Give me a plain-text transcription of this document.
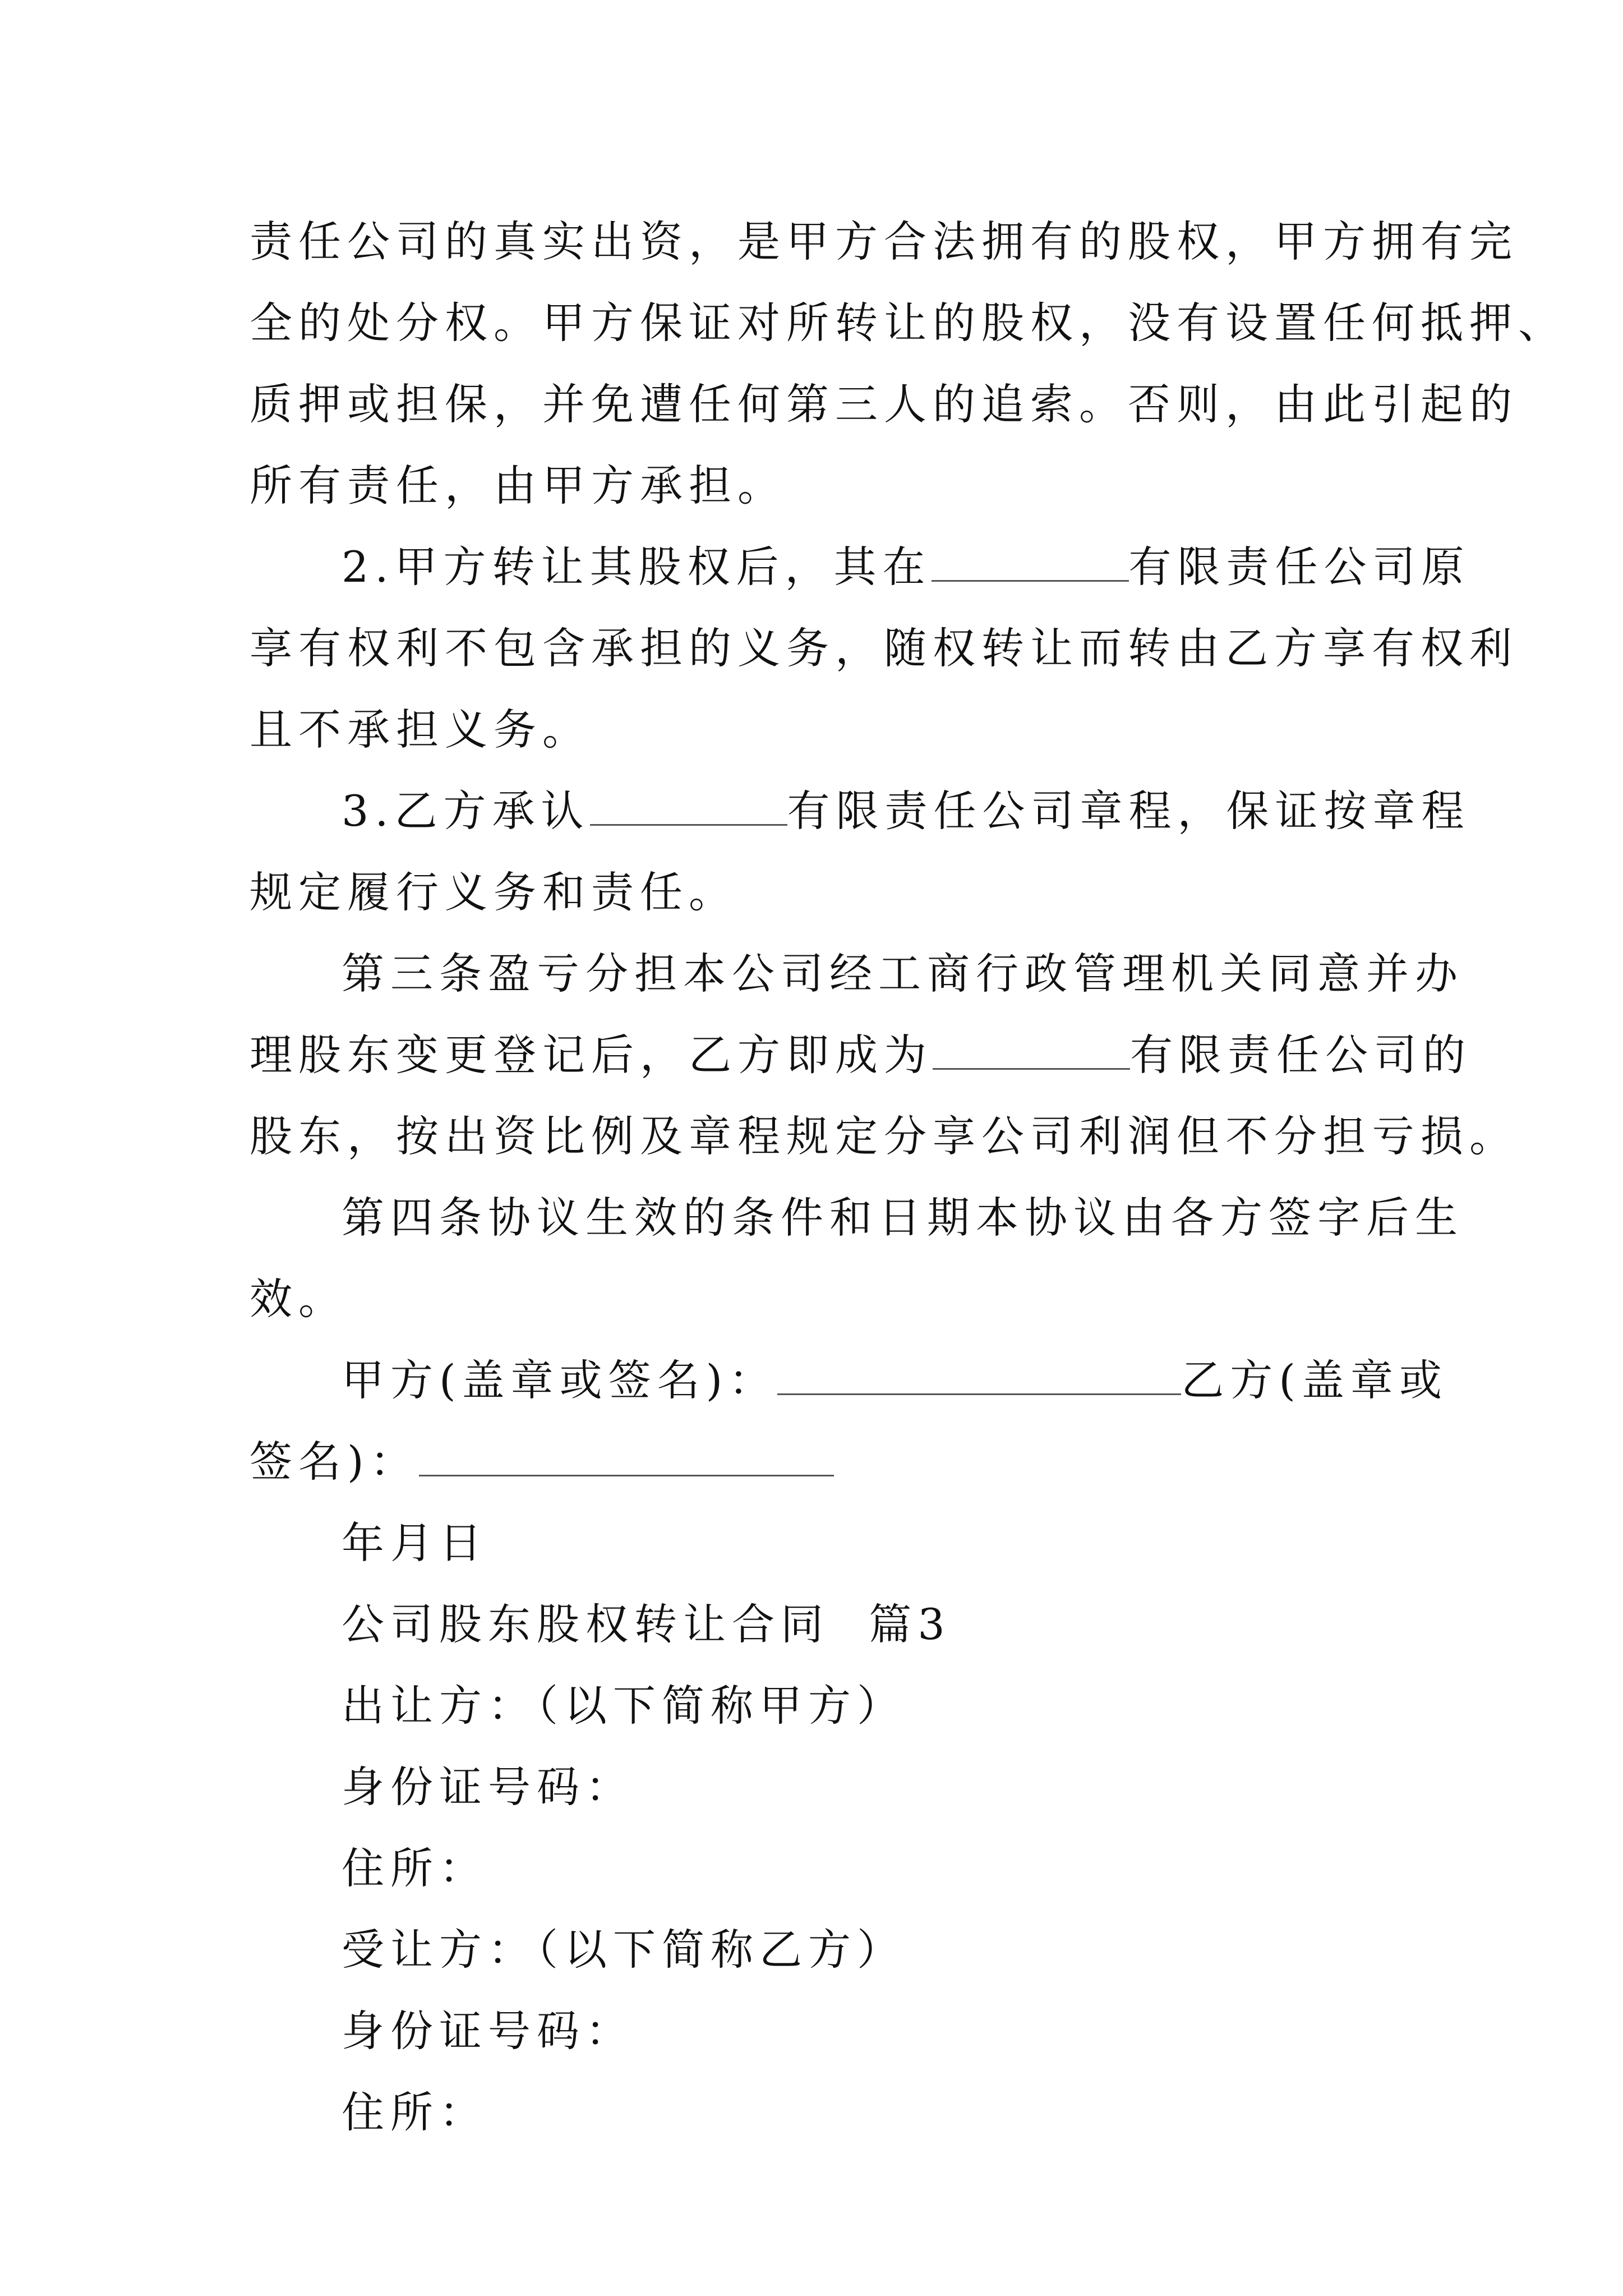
责任公司的真实出资，是甲方合法拥有的股权，甲方拥有完
全的处分权。甲方保证对所转让的股权，没有设置任何抵押、
质押或担保，并免遭任何第三人的追索。否则，由此引起的
所有责任，由甲方承担。
2.甲方转让其股权后，其在	有限责任公司原
享有权利不包含承担的义务，随权转让而转由乙方享有权利
且不承担义务。
3.乙方承认	有限责任公司章程，保证按章程
规定履行义务和责任。
第三条盈亏分担本公司经工商行政管理机关同意并办
理股东变更登记后，乙方即成为	有限责任公司的
股东，按出资比例及章程规定分享公司利润但不分担亏损。
第四条协议生效的条件和日期本协议由各方签字后生
效。
甲方(盖章或签名)：	乙方(盖章或
签名)：
年月日
公司股东股权转让合同  篇3
出让方：（以下简称甲方）
身份证号码：
住所：
受让方：（以下简称乙方）
身份证号码：
住所：
